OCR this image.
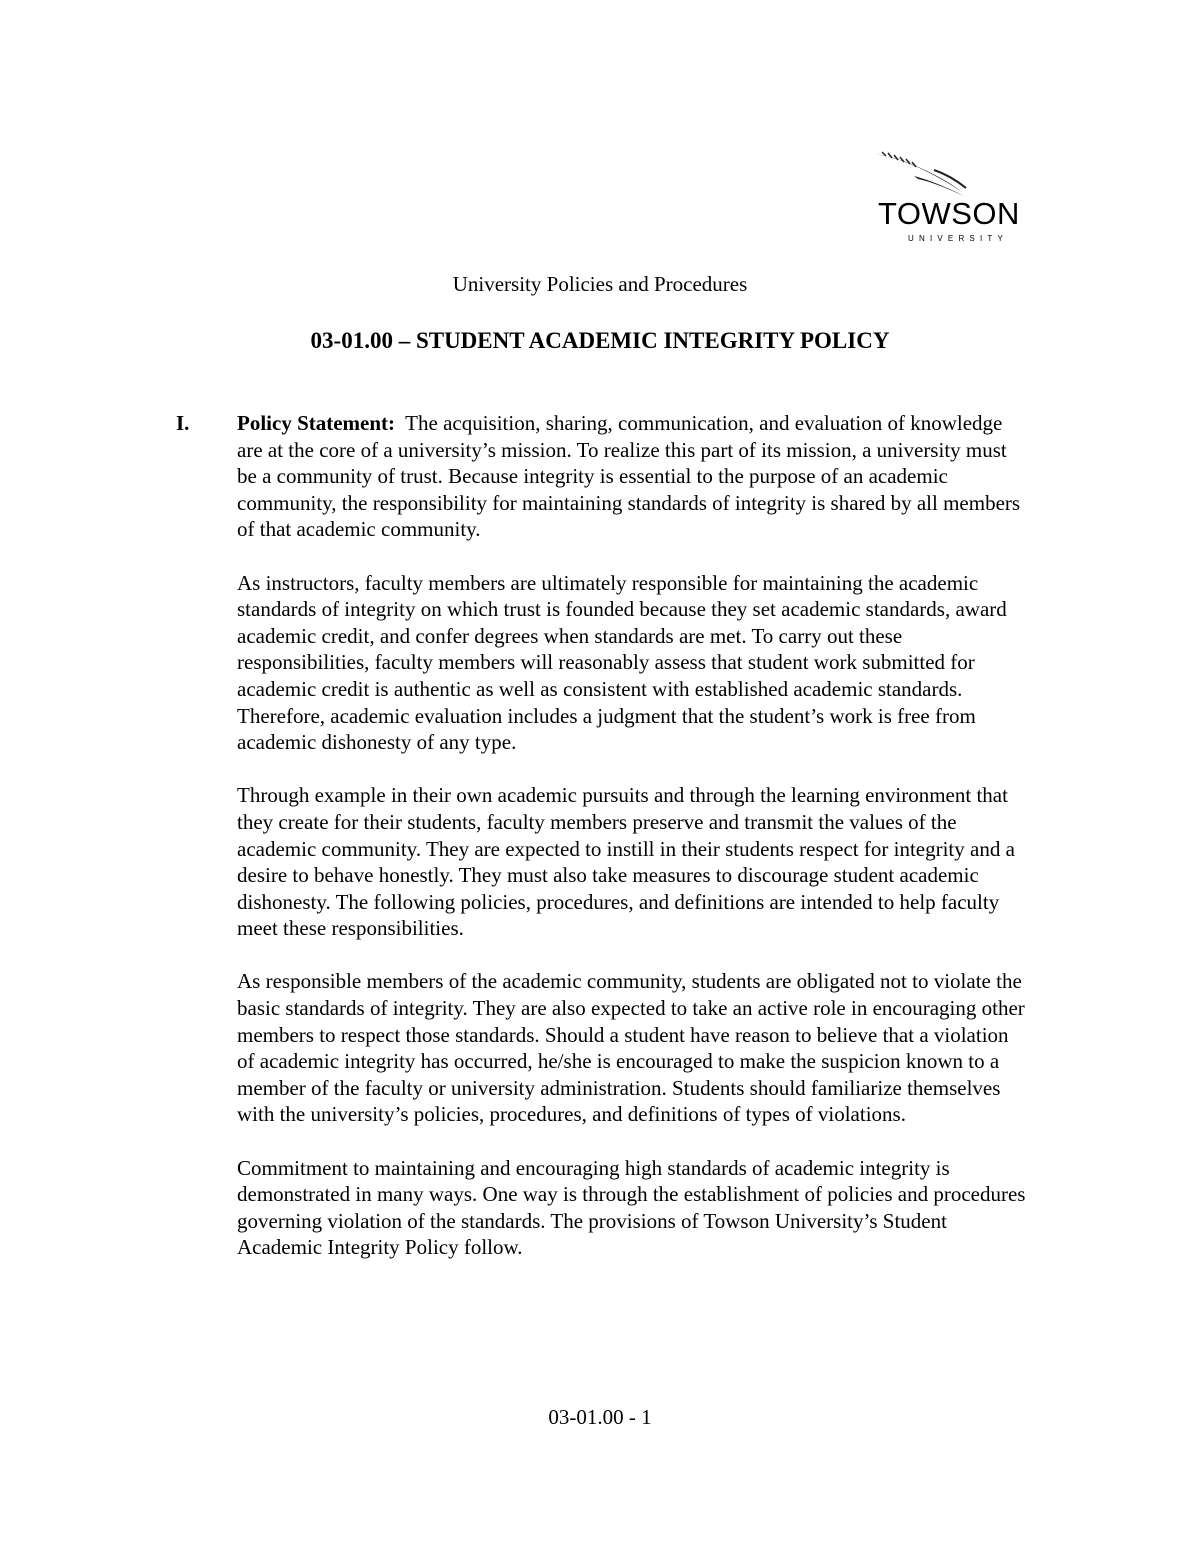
TOWSON
UNIVERSITY
University Policies and Procedures
03-01.00 – STUDENT ACADEMIC INTEGRITY POLICY
I. Policy Statement: The acquisition, sharing, communication, and evaluation of knowledge are at the core of a university’s mission. To realize this part of its mission, a university must be a community of trust. Because integrity is essential to the purpose of an academic community, the responsibility for maintaining standards of integrity is shared by all members of that academic community.

As instructors, faculty members are ultimately responsible for maintaining the academic standards of integrity on which trust is founded because they set academic standards, award academic credit, and confer degrees when standards are met. To carry out these responsibilities, faculty members will reasonably assess that student work submitted for academic credit is authentic as well as consistent with established academic standards. Therefore, academic evaluation includes a judgment that the student’s work is free from academic dishonesty of any type.

Through example in their own academic pursuits and through the learning environment that they create for their students, faculty members preserve and transmit the values of the academic community. They are expected to instill in their students respect for integrity and a desire to behave honestly. They must also take measures to discourage student academic dishonesty. The following policies, procedures, and definitions are intended to help faculty meet these responsibilities.

As responsible members of the academic community, students are obligated not to violate the basic standards of integrity. They are also expected to take an active role in encouraging other members to respect those standards. Should a student have reason to believe that a violation of academic integrity has occurred, he/she is encouraged to make the suspicion known to a member of the faculty or university administration. Students should familiarize themselves with the university’s policies, procedures, and definitions of types of violations.

Commitment to maintaining and encouraging high standards of academic integrity is demonstrated in many ways. One way is through the establishment of policies and procedures governing violation of the standards. The provisions of Towson University’s Student Academic Integrity Policy follow.

03-01.00 - 1
